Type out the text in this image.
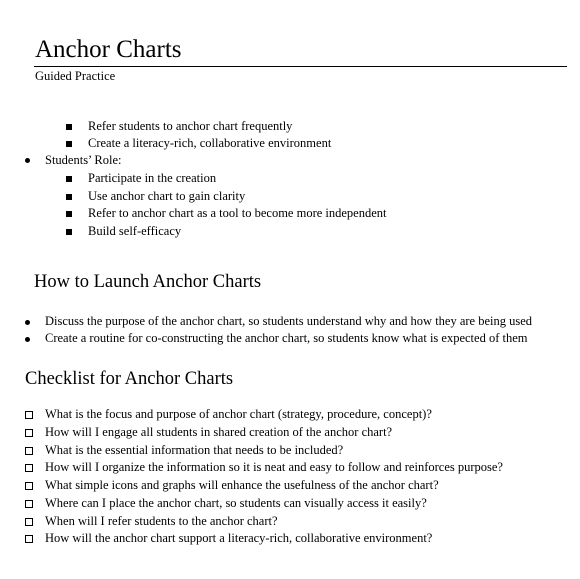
Anchor Charts
Guided Practice
Refer students to anchor chart frequently
Create a literacy-rich, collaborative environment
Students’ Role:
Participate in the creation
Use anchor chart to gain clarity
Refer to anchor chart as a tool to become more independent
Build self-efficacy
How to Launch Anchor Charts
Discuss the purpose of the anchor chart, so students understand why and how they are being used
Create a routine for co-constructing the anchor chart, so students know what is expected of them
Checklist for Anchor Charts
What is the focus and purpose of anchor chart (strategy, procedure, concept)?
How will I engage all students in shared creation of the anchor chart?
What is the essential information that needs to be included?
How will I organize the information so it is neat and easy to follow and reinforces purpose?
What simple icons and graphs will enhance the usefulness of the anchor chart?
Where can I place the anchor chart, so students can visually access it easily?
When will I refer students to the anchor chart?
How will the anchor chart support a literacy-rich, collaborative environment?
